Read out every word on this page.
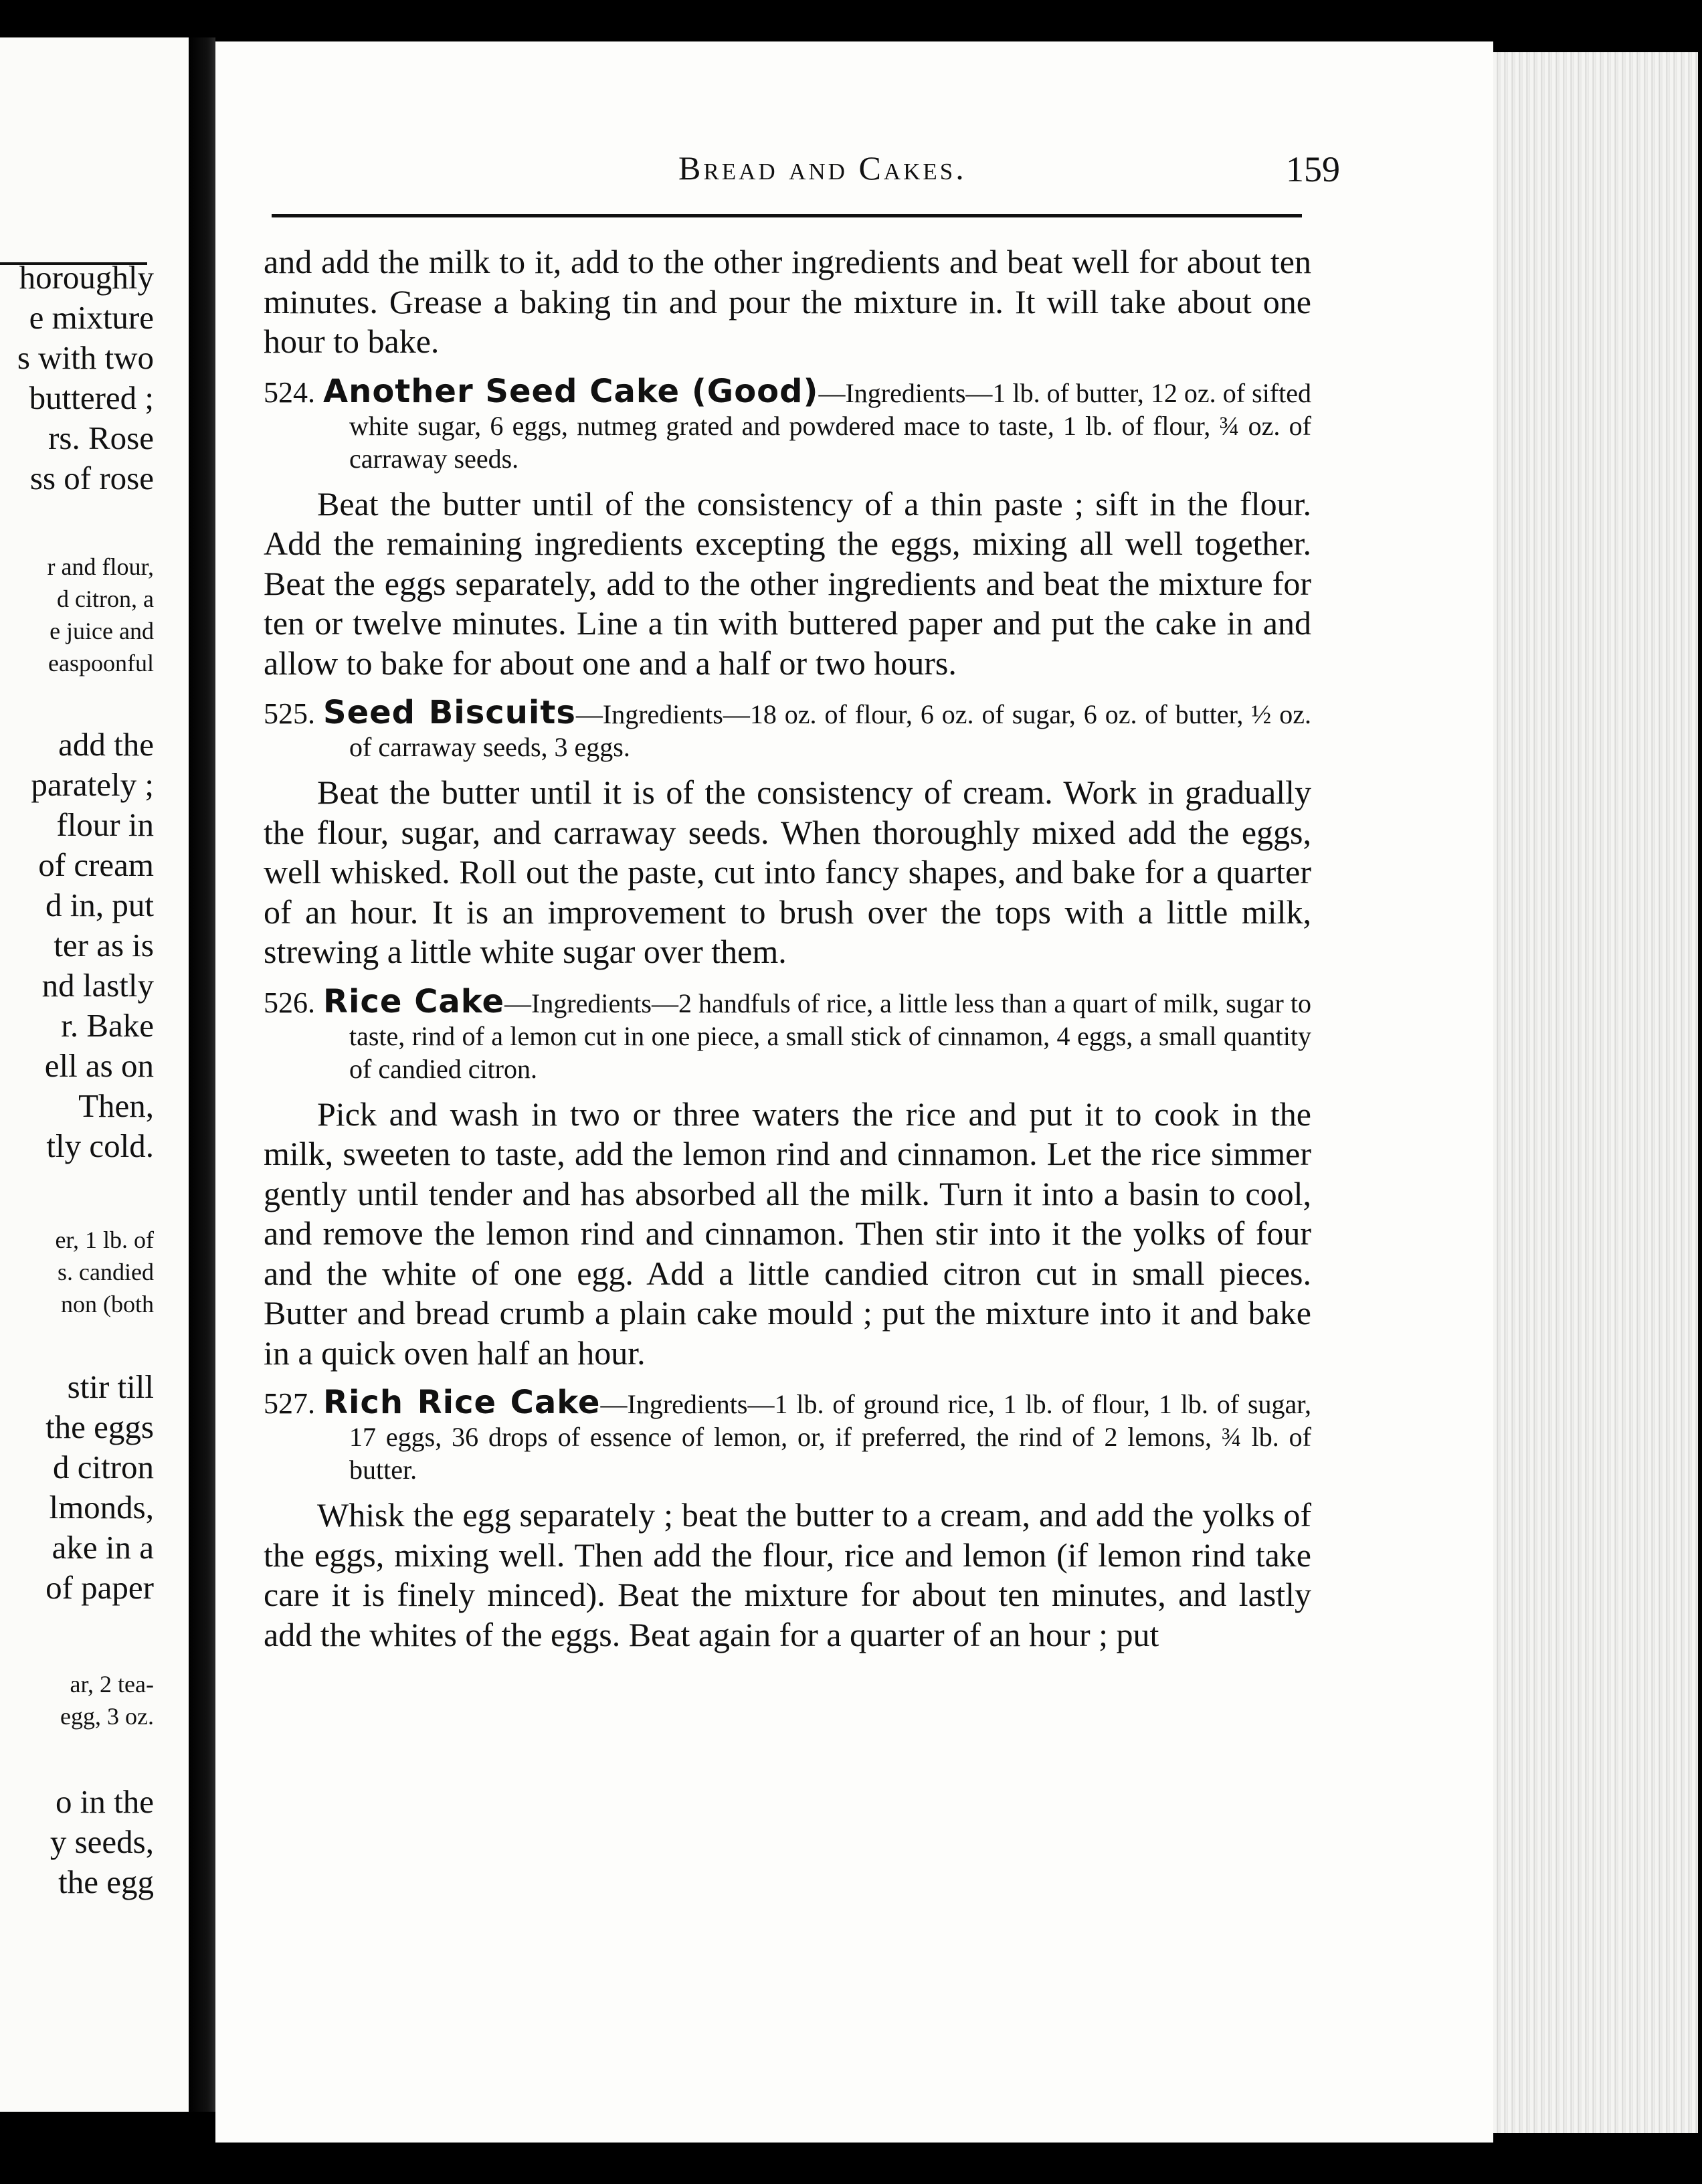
horoughly
e mixture
s with two
buttered ;
rs. Rose
ss of rose
r and flour,
d citron, a
e juice and
easpoonful
add the
parately ;
flour in
of cream
d in, put
ter as is
nd lastly
r. Bake
ell as on
Then,
tly cold.
er, 1 lb. of
s. candied
non (both
stir till
the eggs
d citron
lmonds,
ake in a
of paper
ar, 2 tea-
egg, 3 oz.
o in the
y seeds,
the egg
Bread and Cakes.	159

and add the milk to it, add to the other ingredients and beat well for about ten minutes. Grease a baking tin and pour the mixture in. It will take about one hour to bake.

524. Another Seed Cake (Good)—Ingredients—1 lb. of butter, 12 oz. of sifted white sugar, 6 eggs, nutmeg grated and powdered mace to taste, 1 lb. of flour, ¾ oz. of carraway seeds.

Beat the butter until of the consistency of a thin paste ; sift in the flour. Add the remaining ingredients excepting the eggs, mixing all well together. Beat the eggs separately, add to the other ingredients and beat the mixture for ten or twelve minutes. Line a tin with buttered paper and put the cake in and allow to bake for about one and a half or two hours.

525. Seed Biscuits—Ingredients—18 oz. of flour, 6 oz. of sugar, 6 oz. of butter, ½ oz. of carraway seeds, 3 eggs.

Beat the butter until it is of the consistency of cream. Work in gradually the flour, sugar, and carraway seeds. When thoroughly mixed add the eggs, well whisked. Roll out the paste, cut into fancy shapes, and bake for a quarter of an hour. It is an improvement to brush over the tops with a little milk, strewing a little white sugar over them.

526. Rice Cake—Ingredients—2 handfuls of rice, a little less than a quart of milk, sugar to taste, rind of a lemon cut in one piece, a small stick of cinnamon, 4 eggs, a small quantity of candied citron.

Pick and wash in two or three waters the rice and put it to cook in the milk, sweeten to taste, add the lemon rind and cinnamon. Let the rice simmer gently until tender and has absorbed all the milk. Turn it into a basin to cool, and remove the lemon rind and cinnamon. Then stir into it the yolks of four and the white of one egg. Add a little candied citron cut in small pieces. Butter and bread crumb a plain cake mould ; put the mixture into it and bake in a quick oven half an hour.

527. Rich Rice Cake—Ingredients—1 lb. of ground rice, 1 lb. of flour, 1 lb. of sugar, 17 eggs, 36 drops of essence of lemon, or, if preferred, the rind of 2 lemons, ¾ lb. of butter.

Whisk the egg separately ; beat the butter to a cream, and add the yolks of the eggs, mixing well. Then add the flour, rice and lemon (if lemon rind take care it is finely minced). Beat the mixture for about ten minutes, and lastly add the whites of the eggs. Beat again for a quarter of an hour ; put
